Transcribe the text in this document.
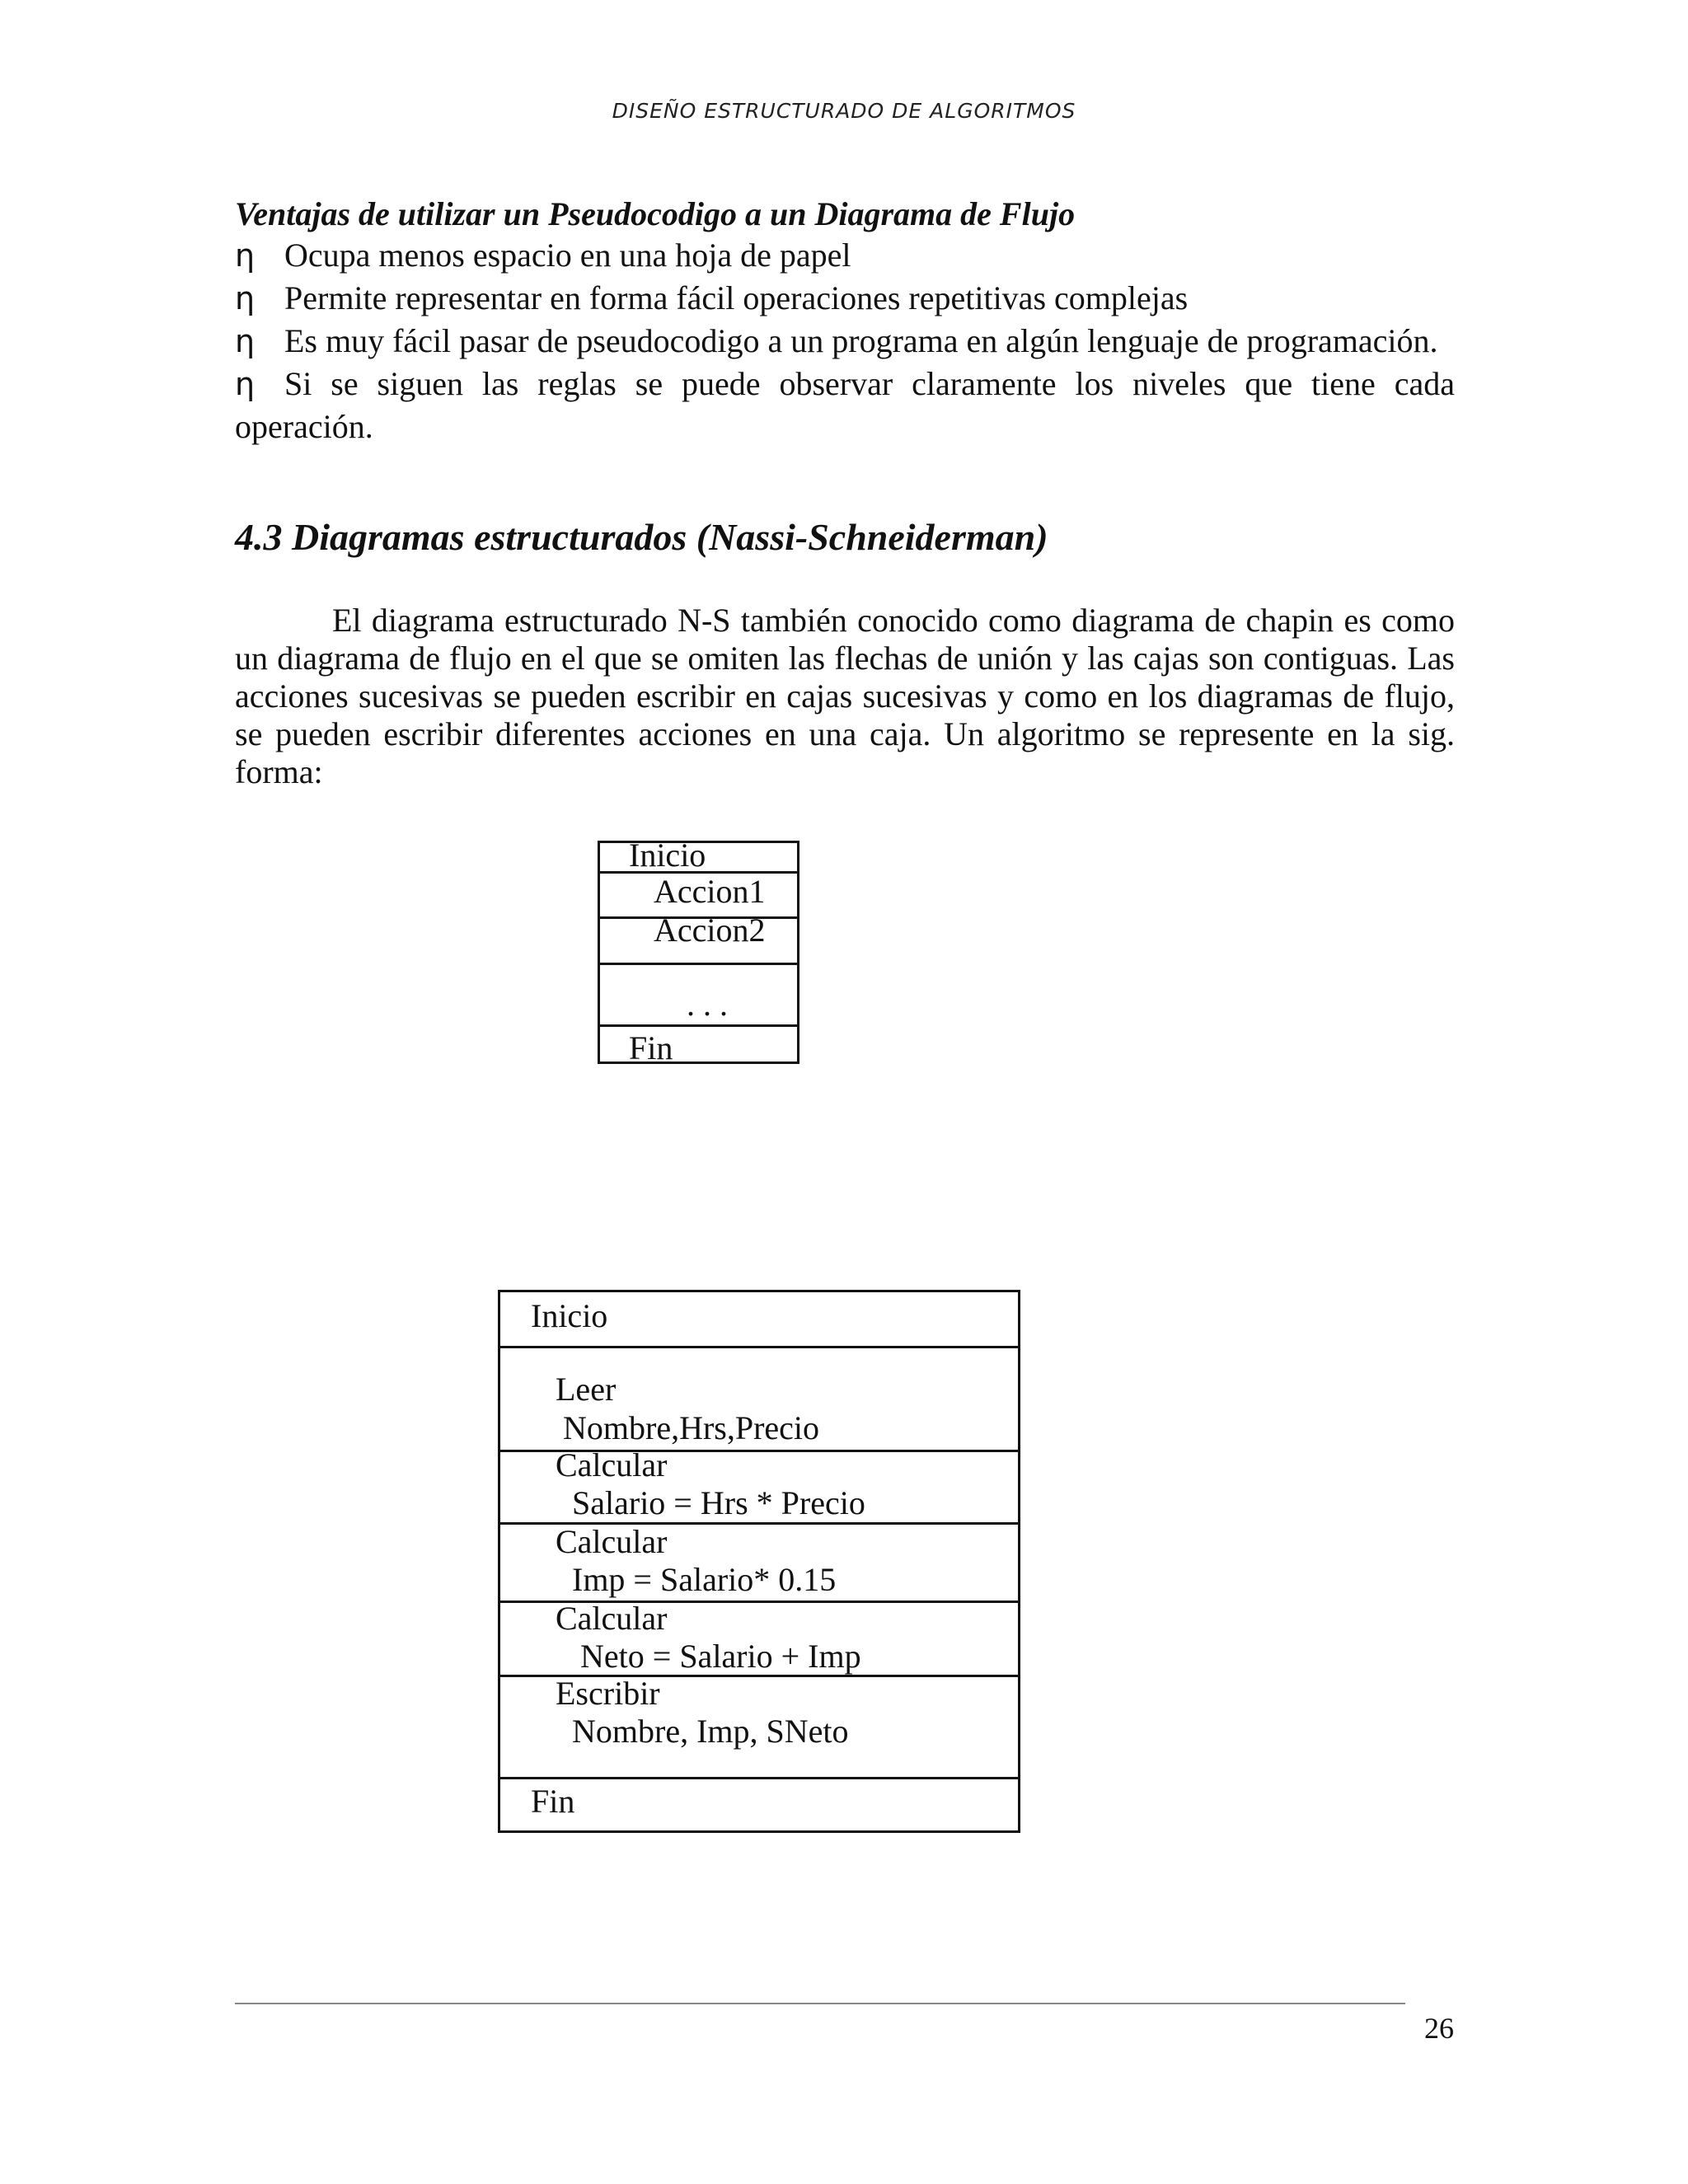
DISEÑO ESTRUCTURADO DE ALGORITMOS
Ventajas de utilizar un Pseudocodigo a un Diagrama de Flujo
η Ocupa menos espacio en una hoja de papel
η Permite representar en forma fácil operaciones repetitivas complejas
η Es muy fácil pasar de pseudocodigo a un programa en algún lenguaje de programación.
η Si se siguen las reglas se puede observar claramente los niveles que tiene cada operación.
4.3 Diagramas estructurados (Nassi-Schneiderman)

El diagrama estructurado N-S también conocido como diagrama de chapin es como un diagrama de flujo en el que se omiten las flechas de unión y las cajas son contiguas. Las acciones sucesivas se pueden escribir en cajas sucesivas y como en los diagramas de flujo, se pueden escribir diferentes acciones en una caja. Un algoritmo se represente en la sig. forma:

Inicio
Accion1
Accion2
. . .
Fin
Inicio
Leer
Nombre,Hrs,Precio
Calcular
Salario = Hrs * Precio
Calcular
Imp = Salario* 0.15
Calcular
Neto = Salario + Imp
Escribir
Nombre, Imp, SNeto
Fin
26
